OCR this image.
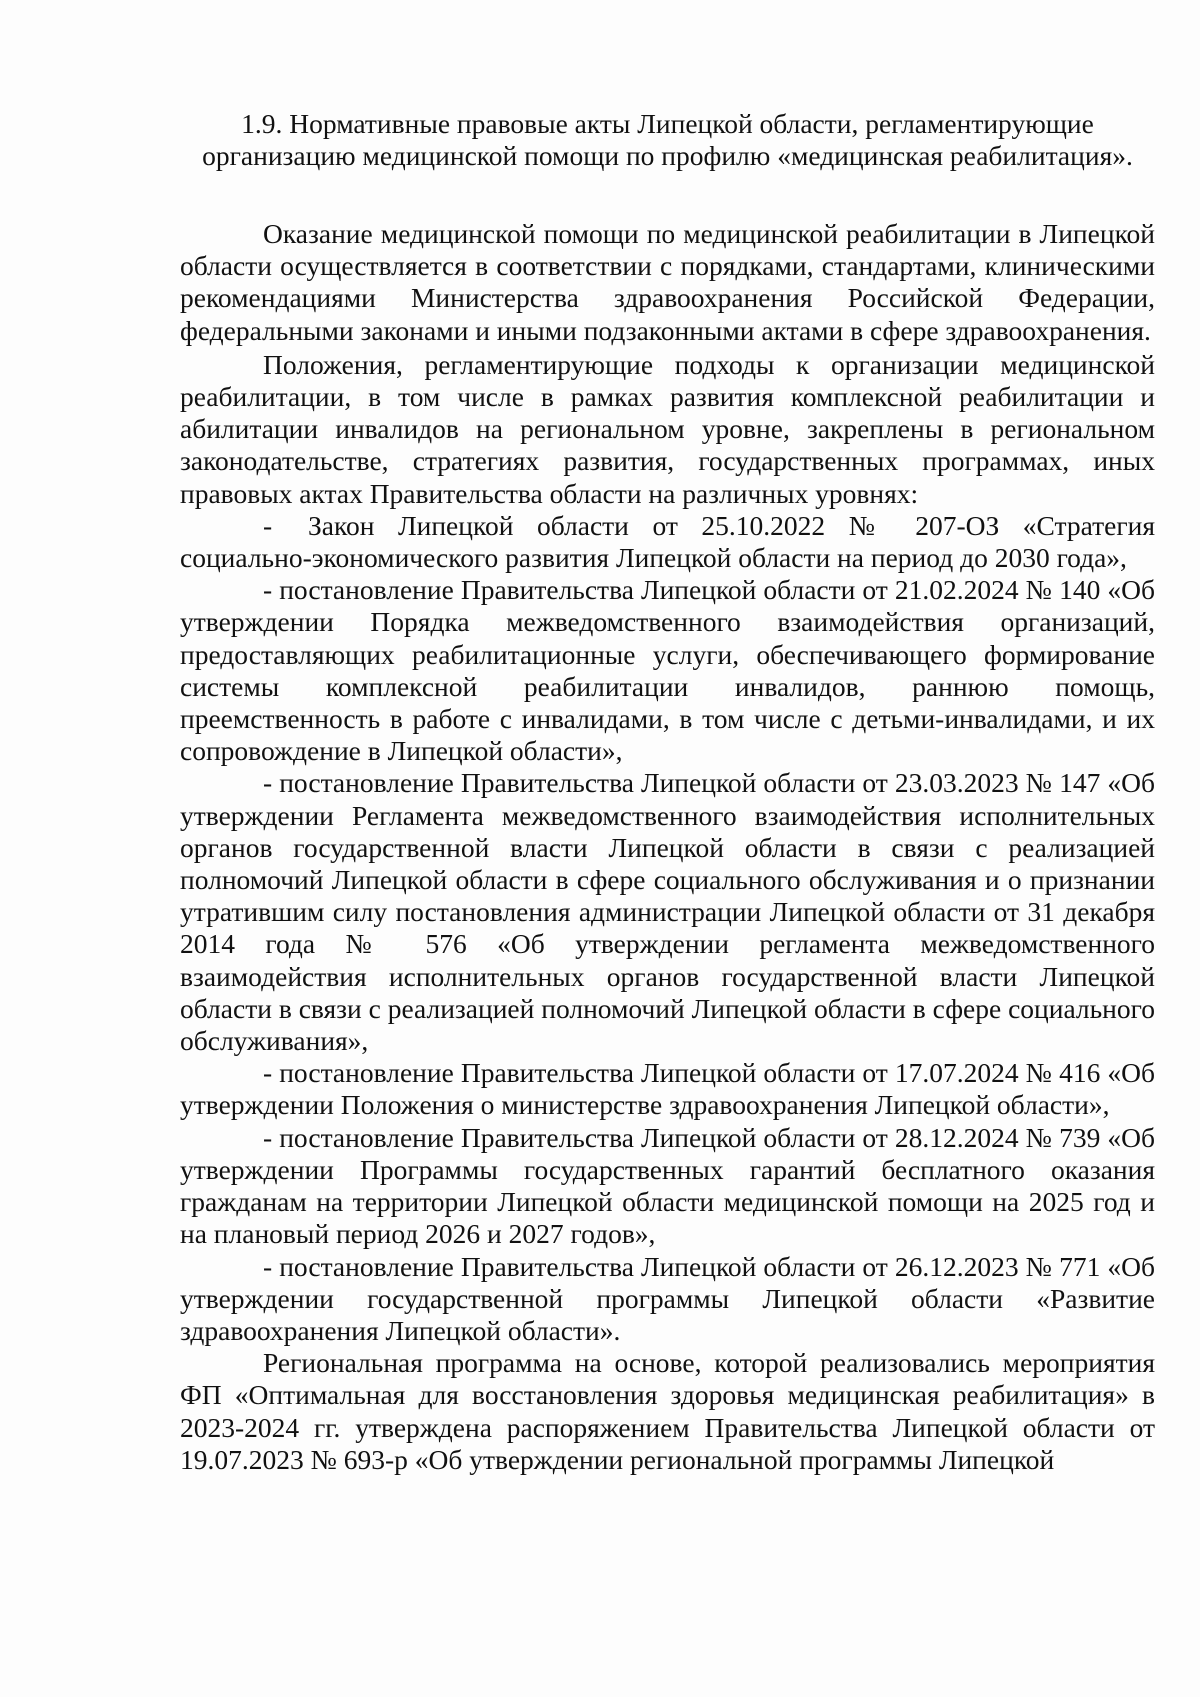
1.9. Нормативные правовые акты Липецкой области, регламентирующие
организацию медицинской помощи по профилю «медицинская реабилитация».

Оказание медицинской помощи по медицинской реабилитации в Липецкой области осуществляется в соответствии с порядками, стандартами, клиническими рекомендациями Министерства здравоохранения Российской Федерации, федеральными законами и иными подзаконными актами в сфере здравоохранения.

Положения, регламентирующие подходы к организации медицинской реабилитации, в том числе в рамках развития комплексной реабилитации и абилитации инвалидов на региональном уровне, закреплены в региональном законодательстве, стратегиях развития, государственных программах, иных правовых актах Правительства области на различных уровнях:

- Закон Липецкой области от 25.10.2022 № 207-ОЗ «Стратегия социально-экономического развития Липецкой области на период до 2030 года»,

- постановление Правительства Липецкой области от 21.02.2024 № 140 «Об утверждении Порядка межведомственного взаимодействия организаций, предоставляющих реабилитационные услуги, обеспечивающего формирование системы комплексной реабилитации инвалидов, раннюю помощь, преемственность в работе с инвалидами, в том числе с детьми-инвалидами, и их сопровождение в Липецкой области»,

- постановление Правительства Липецкой области от 23.03.2023 № 147 «Об утверждении Регламента межведомственного взаимодействия исполнительных органов государственной власти Липецкой области в связи с реализацией полномочий Липецкой области в сфере социального обслуживания и о признании утратившим силу постановления администрации Липецкой области от 31 декабря 2014 года № 576 «Об утверждении регламента межведомственного взаимодействия исполнительных органов государственной власти Липецкой области в связи с реализацией полномочий Липецкой области в сфере социального обслуживания»,

- постановление Правительства Липецкой области от 17.07.2024 № 416 «Об утверждении Положения о министерстве здравоохранения Липецкой области»,

- постановление Правительства Липецкой области от 28.12.2024 № 739 «Об утверждении Программы государственных гарантий бесплатного оказания гражданам на территории Липецкой области медицинской помощи на 2025 год и на плановый период 2026 и 2027 годов»,

- постановление Правительства Липецкой области от 26.12.2023 № 771 «Об утверждении государственной программы Липецкой области «Развитие здравоохранения Липецкой области».

Региональная программа на основе, которой реализовались мероприятия ФП «Оптимальная для восстановления здоровья медицинская реабилитация» в 2023-2024 гг. утверждена распоряжением Правительства Липецкой области от 19.07.2023 № 693-р «Об утверждении региональной программы Липецкой
